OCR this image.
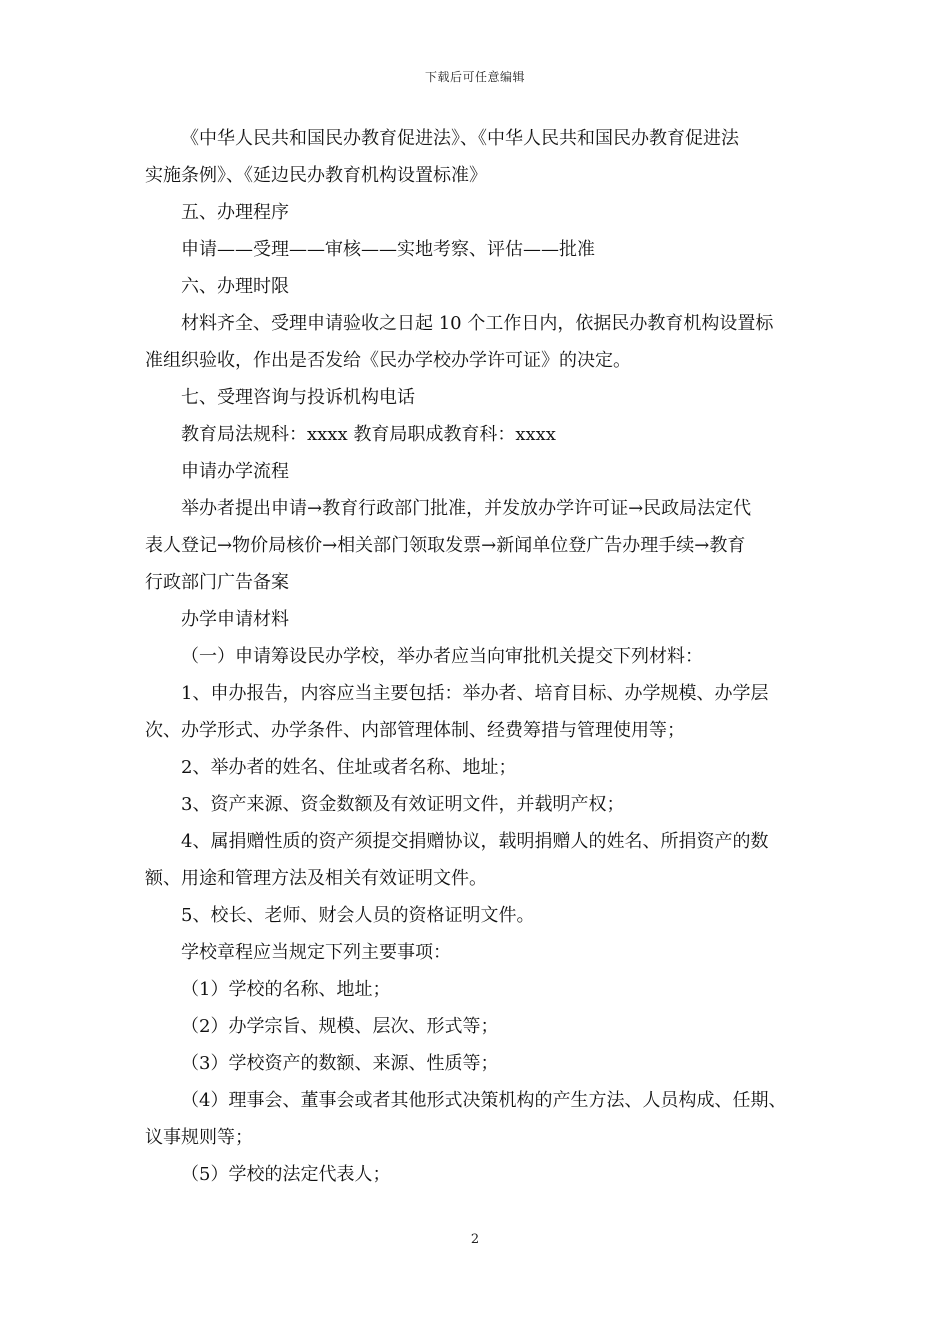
下载后可任意编辑
《中华人民共和国民办教育促进法》、《中华人民共和国民办教育促进法
实施条例》、《延边民办教育机构设置标准》
五、办理程序
申请——受理——审核——实地考察、评估——批准
六、办理时限
材料齐全、受理申请验收之日起 10 个工作日内，依据民办教育机构设置标
准组织验收，作出是否发给《民办学校办学许可证》的决定。
七、受理咨询与投诉机构电话
教育局法规科：xxxx 教育局职成教育科：xxxx
申请办学流程
举办者提出申请→教育行政部门批准，并发放办学许可证→民政局法定代
表人登记→物价局核价→相关部门领取发票→新闻单位登广告办理手续→教育
行政部门广告备案
办学申请材料
（一）申请筹设民办学校，举办者应当向审批机关提交下列材料：
1、申办报告，内容应当主要包括：举办者、培育目标、办学规模、办学层
次、办学形式、办学条件、内部管理体制、经费筹措与管理使用等；
2、举办者的姓名、住址或者名称、地址；
3、资产来源、资金数额及有效证明文件，并载明产权；
4、属捐赠性质的资产须提交捐赠协议，载明捐赠人的姓名、所捐资产的数
额、用途和管理方法及相关有效证明文件。
5、校长、老师、财会人员的资格证明文件。
学校章程应当规定下列主要事项：
（1）学校的名称、地址；
（2）办学宗旨、规模、层次、形式等；
（3）学校资产的数额、来源、性质等；
（4）理事会、董事会或者其他形式决策机构的产生方法、人员构成、任期、
议事规则等；
（5）学校的法定代表人；
2
